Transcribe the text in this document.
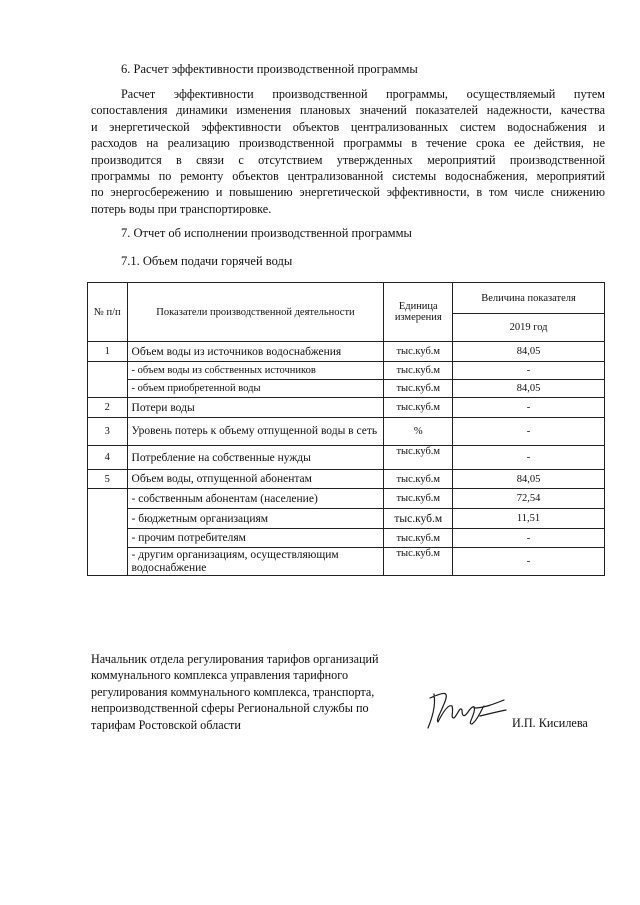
6. Расчет эффективности производственной программы
Расчет эффективности производственной программы, осуществляемый путем
сопоставления динамики изменения плановых значений показателей надежности, качества
и энергетической эффективности объектов централизованных систем водоснабжения и
расходов на реализацию производственной программы в течение срока ее действия, не
производится в связи с отсутствием утвержденных мероприятий производственной
программы по ремонту объектов централизованной системы водоснабжения, мероприятий
по энергосбережению и повышению энергетической эффективности, в том числе снижению
потерь воды при транспортировке.
7. Отчет об исполнении производственной программы
7.1. Объем подачи горячей воды
№ п/п	Показатели производственной деятельности	Единица
измерения	Величина показателя
			2019 год
1	Объем воды из источников водоснабжения	тыс.куб.м	84,05
	- объем воды из собственных источников	тыс.куб.м	-
	- объем приобретенной воды	тыс.куб.м	84,05
2	Потери воды	тыс.куб.м	-
3	Уровень потерь к объему отпущенной воды в сеть	%	-
4	Потребление на собственные нужды	тыс.куб.м	-
5	Объем воды, отпущенной абонентам	тыс.куб.м	84,05
	- собственным абонентам (население)	тыс.куб.м	72,54
	- бюджетным организациям	тыс.куб.м	11,51
	- прочим потребителям	тыс.куб.м	-
	- другим организациям, осуществляющим водоснабжение	тыс.куб.м	-
Начальник отдела регулирования тарифов организаций
коммунального комплекса управления тарифного
регулирования коммунального комплекса, транспорта,
непроизводственной сферы Региональной службы по
тарифам Ростовской области	И.П. Кисилева
